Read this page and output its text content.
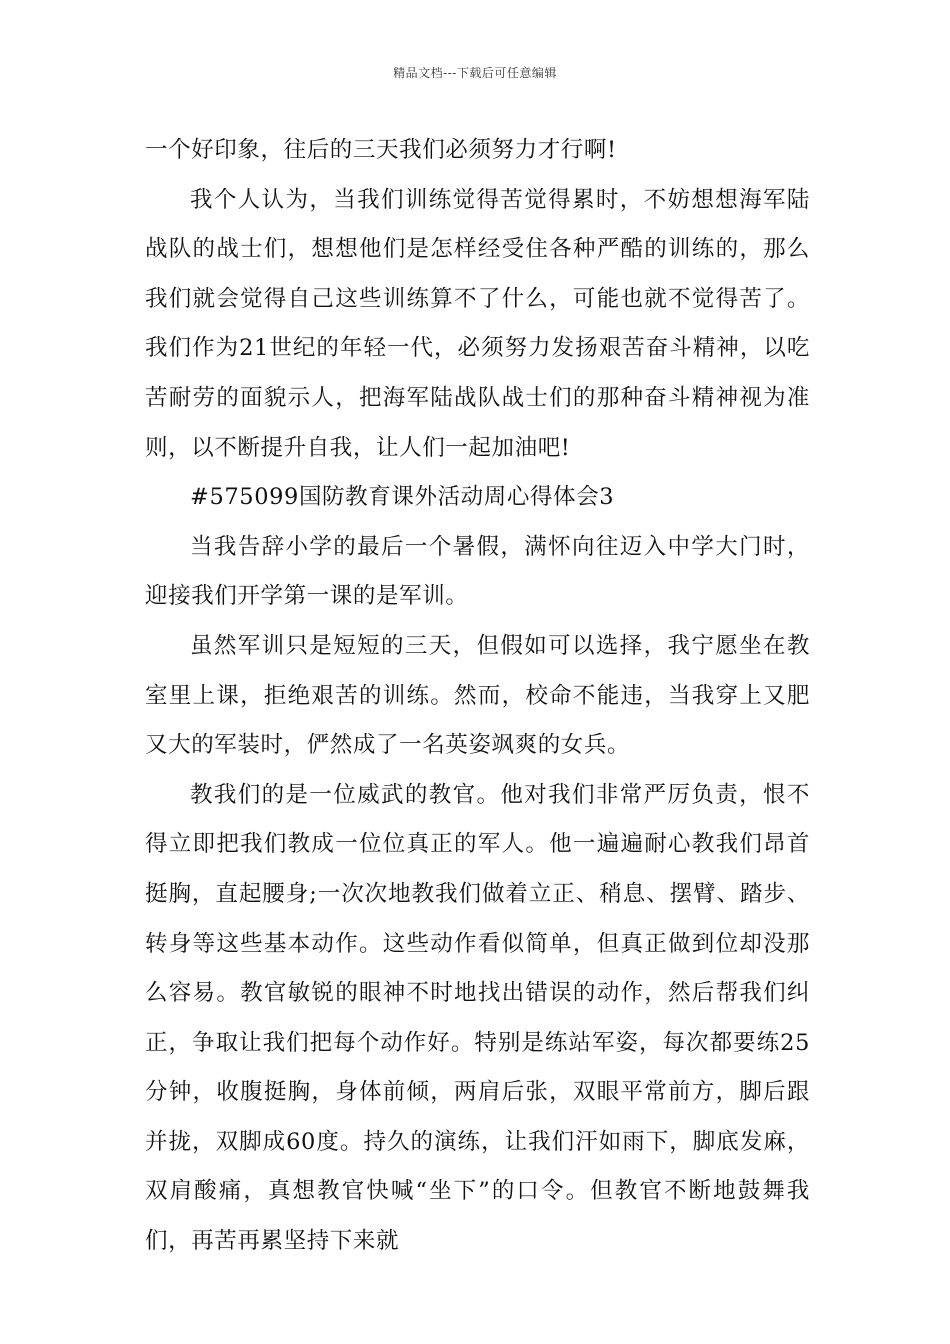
精品文档---下载后可任意编辑

一个好印象，往后的三天我们必须努力才行啊!

我个人认为，当我们训练觉得苦觉得累时，不妨想想海军陆战队的战士们，想想他们是怎样经受住各种严酷的训练的，那么我们就会觉得自己这些训练算不了什么，可能也就不觉得苦了。我们作为21世纪的年轻一代，必须努力发扬艰苦奋斗精神，以吃苦耐劳的面貌示人，把海军陆战队战士们的那种奋斗精神视为准则，以不断提升自我，让人们一起加油吧!

#575099国防教育课外活动周心得体会3

当我告辞小学的最后一个暑假，满怀向往迈入中学大门时，迎接我们开学第一课的是军训。

虽然军训只是短短的三天，但假如可以选择，我宁愿坐在教室里上课，拒绝艰苦的训练。然而，校命不能违，当我穿上又肥又大的军装时，俨然成了一名英姿飒爽的女兵。

教我们的是一位威武的教官。他对我们非常严厉负责，恨不得立即把我们教成一位位真正的军人。他一遍遍耐心教我们昂首挺胸，直起腰身;一次次地教我们做着立正、稍息、摆臂、踏步、转身等这些基本动作。这些动作看似简单，但真正做到位却没那么容易。教官敏锐的眼神不时地找出错误的动作，然后帮我们纠正，争取让我们把每个动作好。特别是练站军姿，每次都要练25分钟，收腹挺胸，身体前倾，两肩后张，双眼平常前方，脚后跟并拢，双脚成60度。持久的演练，让我们汗如雨下，脚底发麻，双肩酸痛，真想教官快喊“坐下”的口令。但教官不断地鼓舞我们，再苦再累坚持下来就
